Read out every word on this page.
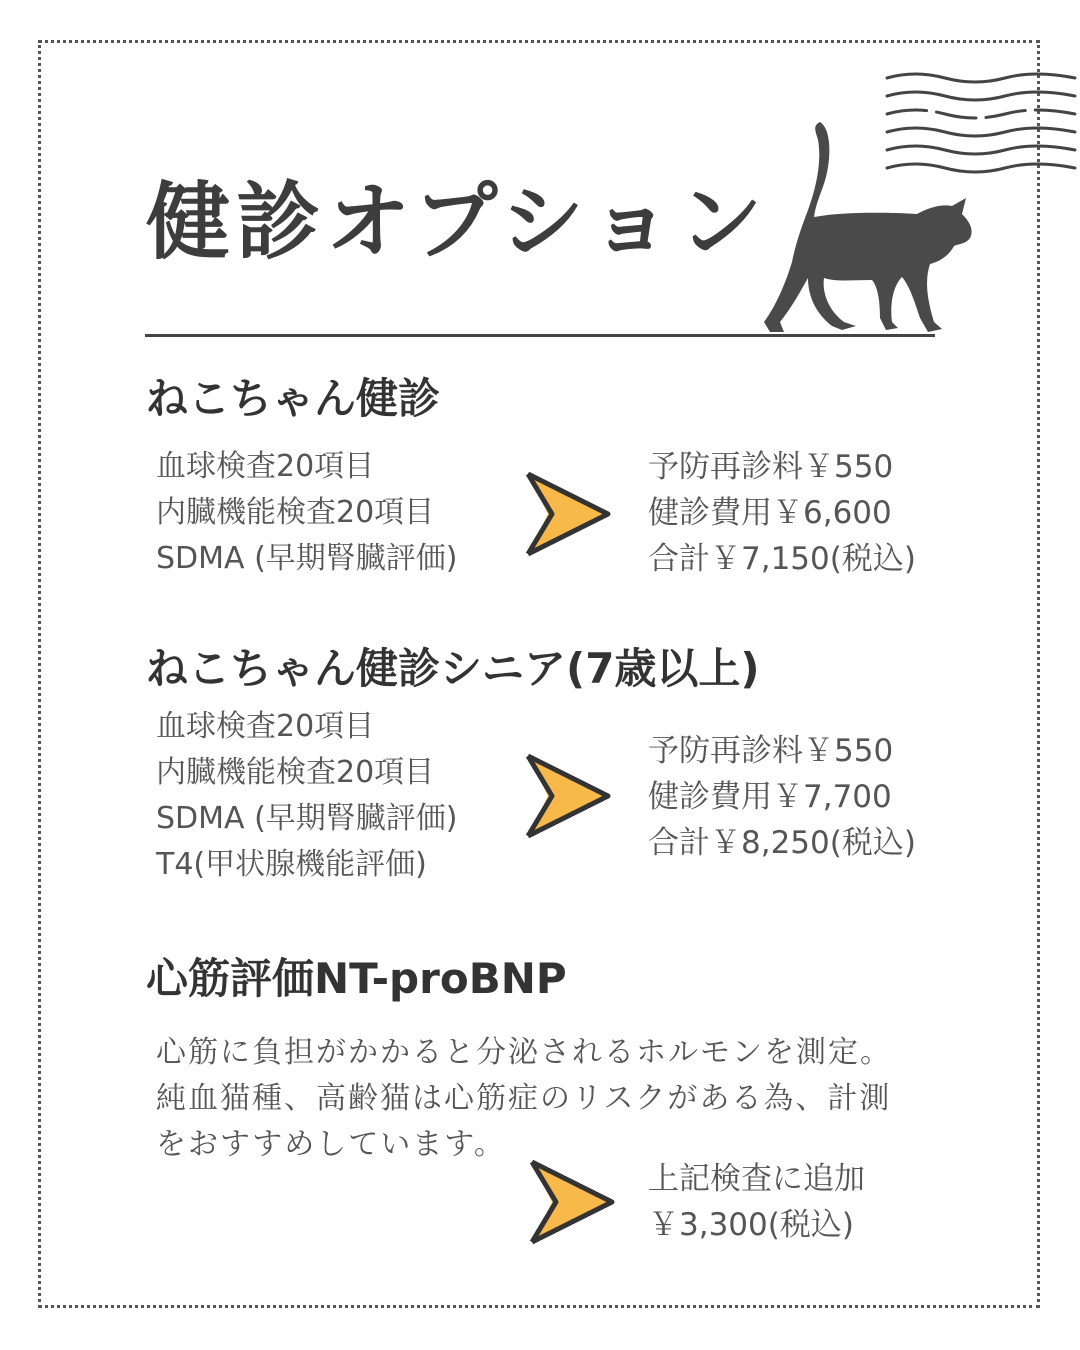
健診オプション
ねこちゃん健診
血球検査20項目
内臓機能検査20項目
SDMA (早期腎臓評価)
予防再診料￥550
健診費用￥6,600
合計￥7,150(税込)
ねこちゃん健診シニア(7歳以上)
血球検査20項目
内臓機能検査20項目
SDMA (早期腎臓評価)
T4(甲状腺機能評価)
予防再診料￥550
健診費用￥7,700
合計￥8,250(税込)
心筋評価NT-proBNP
心筋に負担がかかると分泌されるホルモンを測定。
純血猫種、高齢猫は心筋症のリスクがある為、計測
をおすすめしています。
上記検査に追加
￥3,300(税込)
